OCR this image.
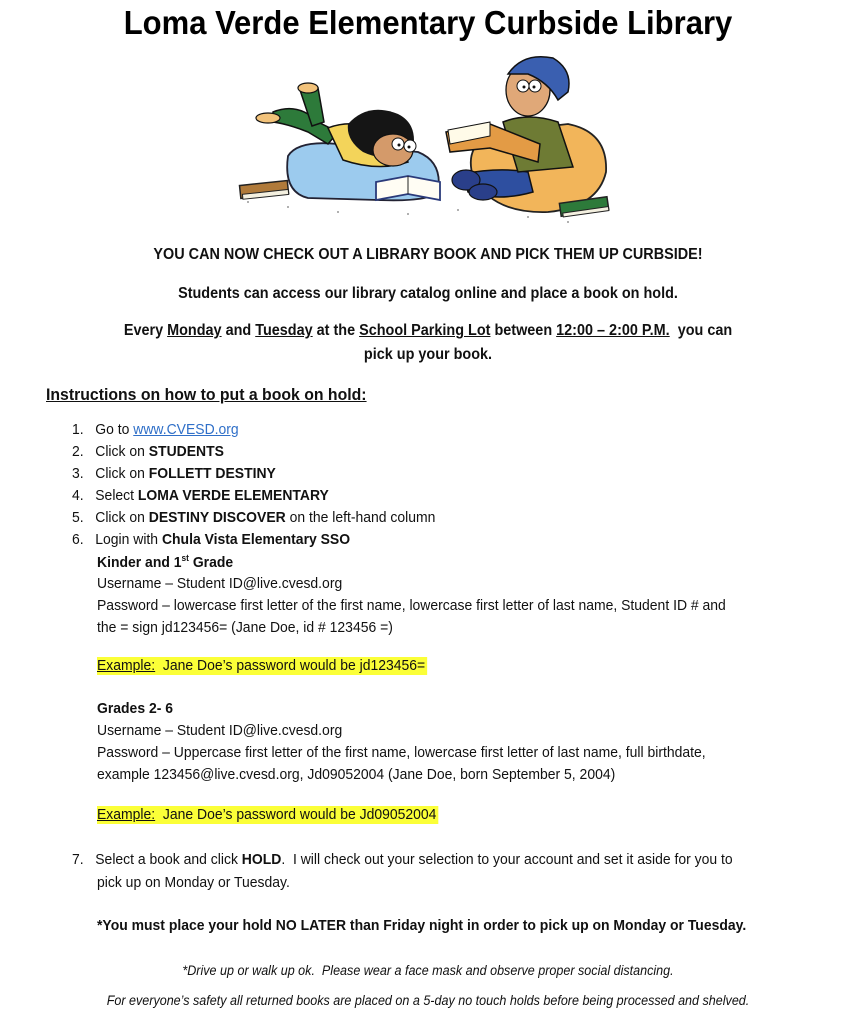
Loma Verde Elementary Curbside Library
YOU CAN NOW CHECK OUT A LIBRARY BOOK AND PICK THEM UP CURBSIDE!
Students can access our library catalog online and place a book on hold.
Every Monday and Tuesday at the School Parking Lot between 12:00 – 2:00 P.M.  you can
pick up your book.
Instructions on how to put a book on hold:
1. Go to www.CVESD.org
2. Click on STUDENTS
3. Click on FOLLETT DESTINY
4. Select LOMA VERDE ELEMENTARY
5. Click on DESTINY DISCOVER on the left-hand column
6. Login with Chula Vista Elementary SSO
Kinder and 1st Grade
Username – Student ID@live.cvesd.org
Password – lowercase first letter of the first name, lowercase first letter of last name, Student ID # and
the = sign jd123456= (Jane Doe, id # 123456 =)
Example:  Jane Doe’s password would be jd123456=
Grades 2- 6
Username – Student ID@live.cvesd.org
Password – Uppercase first letter of the first name, lowercase first letter of last name, full birthdate,
example 123456@live.cvesd.org, Jd09052004 (Jane Doe, born September 5, 2004)
Example:  Jane Doe’s password would be Jd09052004
7. Select a book and click HOLD.  I will check out your selection to your account and set it aside for you to
pick up on Monday or Tuesday.
*You must place your hold NO LATER than Friday night in order to pick up on Monday or Tuesday.
*Drive up or walk up ok.  Please wear a face mask and observe proper social distancing.
For everyone’s safety all returned books are placed on a 5-day no touch holds before being processed and shelved.
